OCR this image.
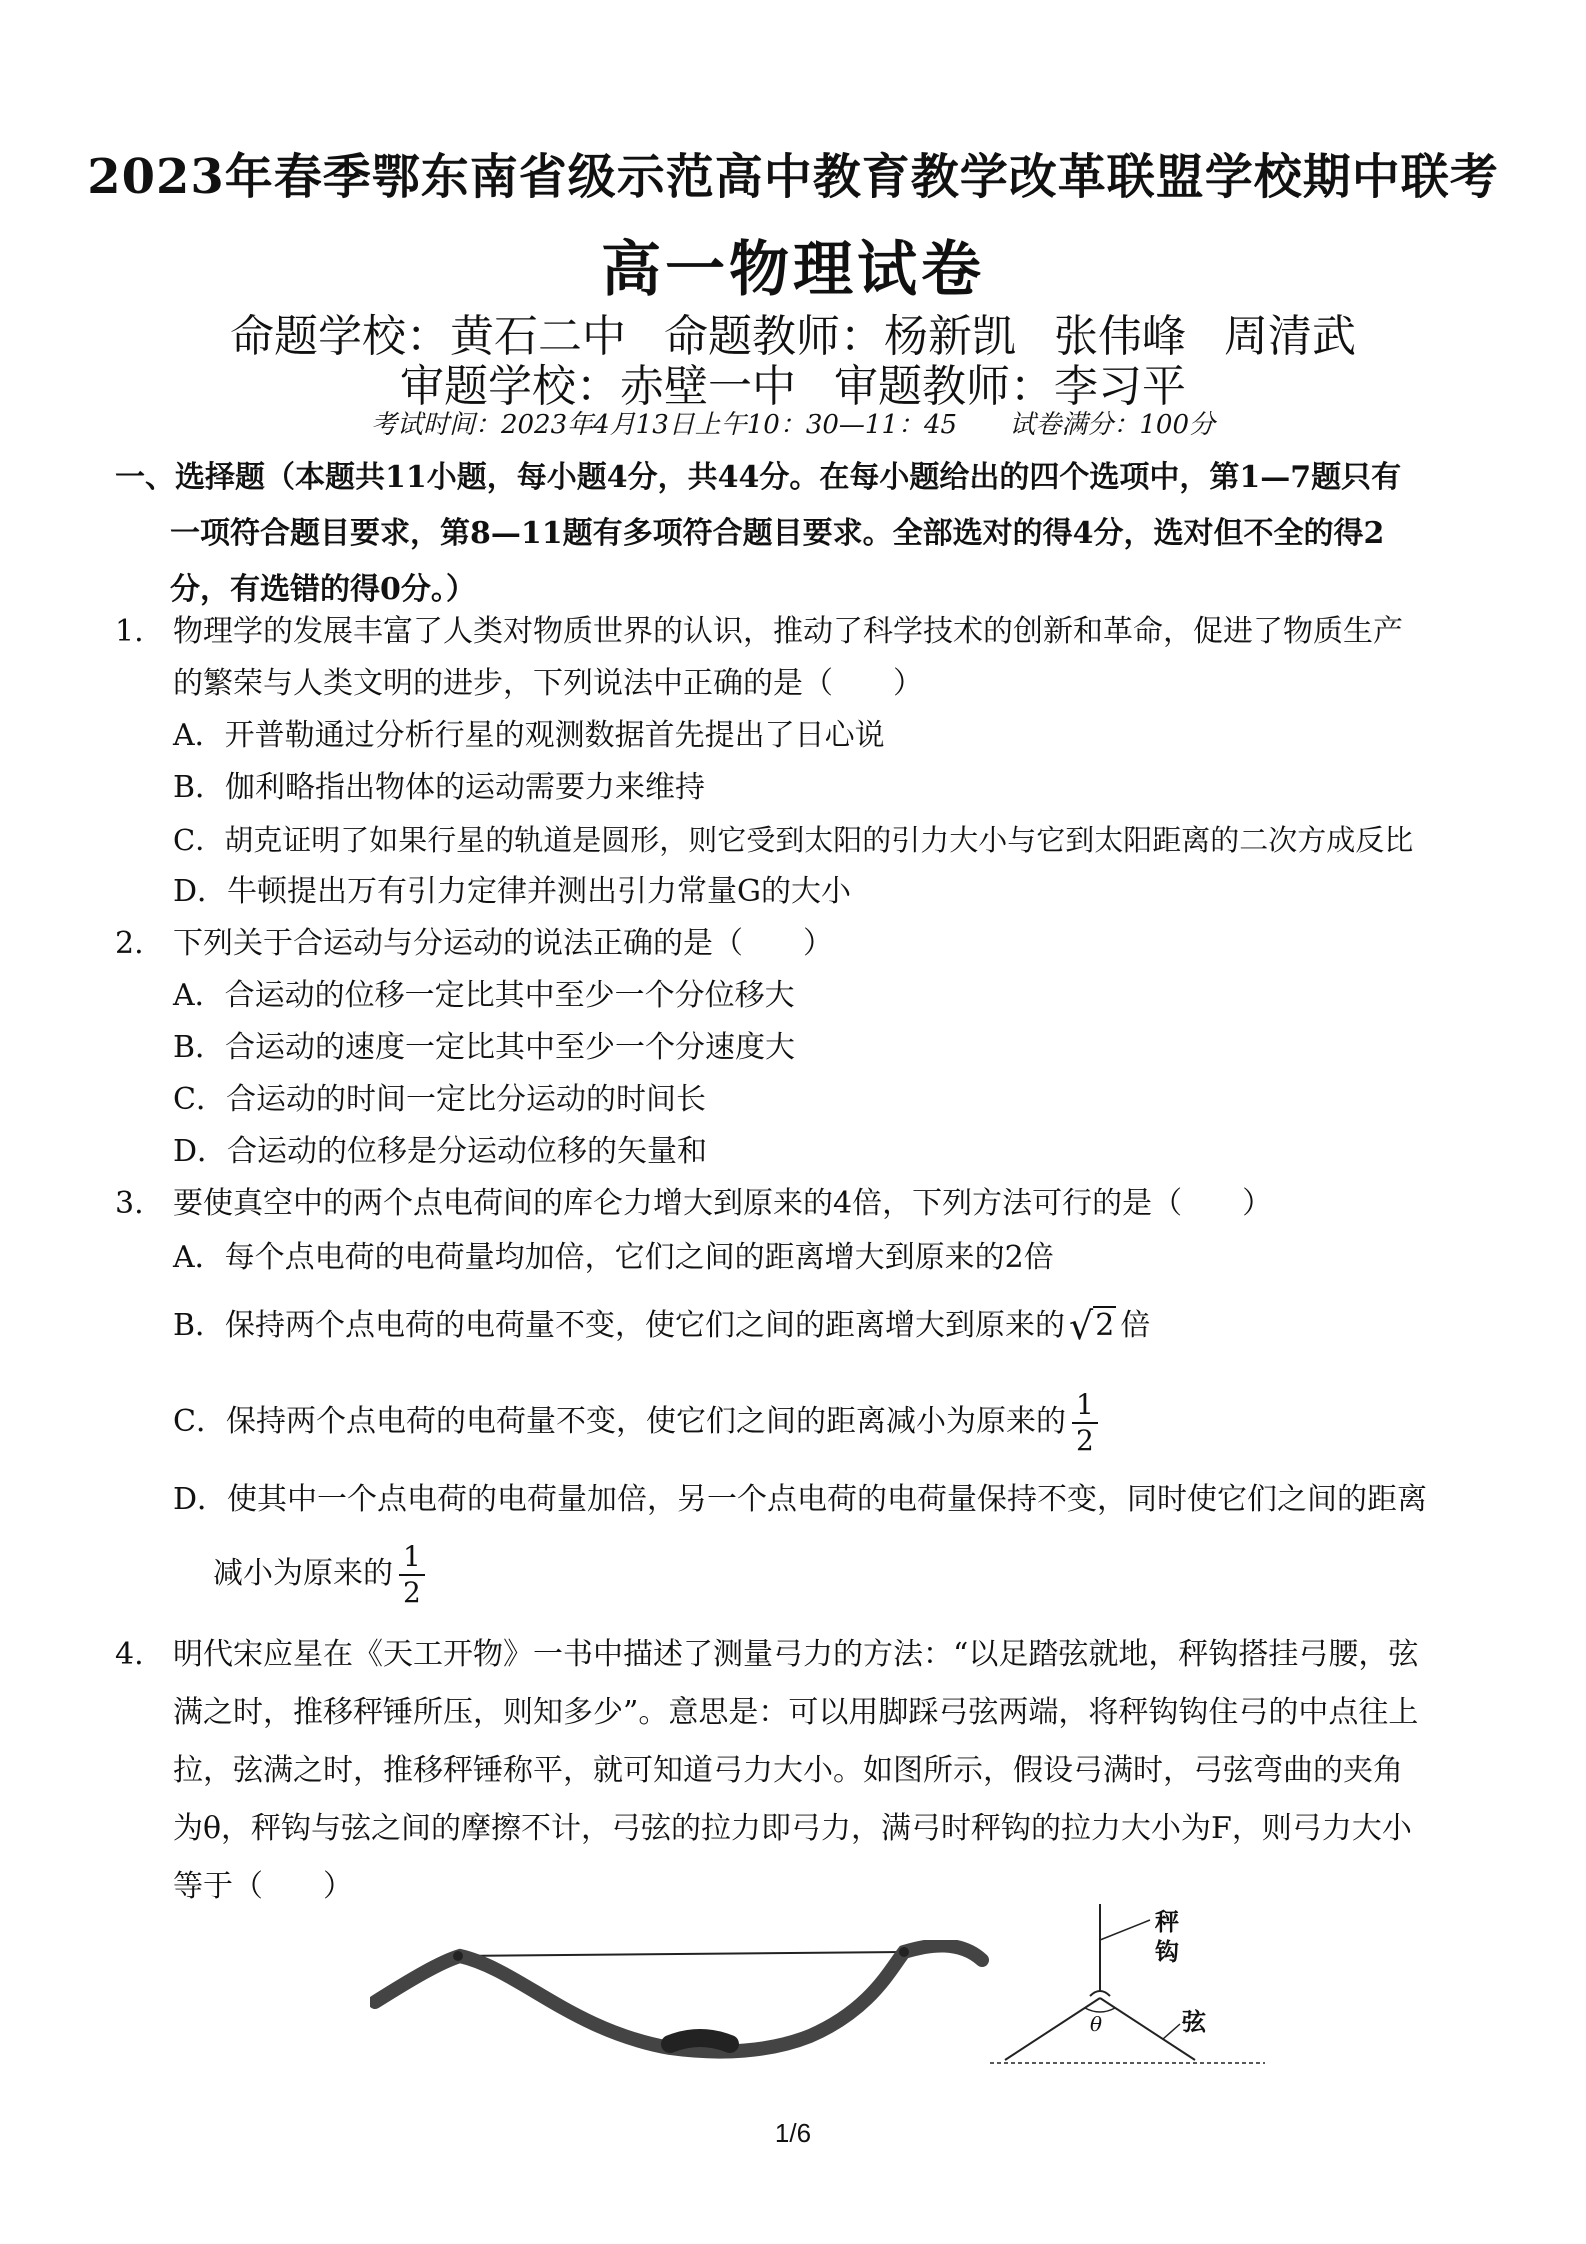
2023年春季鄂东南省级示范高中教育教学改革联盟学校期中联考
高一物理试卷
命题学校：黄石二中 命题教师：杨新凯 张伟峰 周清武
审题学校：赤壁一中 审题教师：李习平
考试时间：2023年4月13日上午10：30—11：45 试卷满分：100分
一、选择题（本题共11小题，每小题4分，共44分。在每小题给出的四个选项中，第1—7题只有
一项符合题目要求，第8—11题有多项符合题目要求。全部选对的得4分，选对但不全的得2
分，有选错的得0分。）
1. 物理学的发展丰富了人类对物质世界的认识，推动了科学技术的创新和革命，促进了物质生产
的繁荣与人类文明的进步，下列说法中正确的是（　　）
A．开普勒通过分析行星的观测数据首先提出了日心说
B．伽利略指出物体的运动需要力来维持
C．胡克证明了如果行星的轨道是圆形，则它受到太阳的引力大小与它到太阳距离的二次方成反比
D．牛顿提出万有引力定律并测出引力常量G的大小
2. 下列关于合运动与分运动的说法正确的是（　　）
A．合运动的位移一定比其中至少一个分位移大
B．合运动的速度一定比其中至少一个分速度大
C．合运动的时间一定比分运动的时间长
D．合运动的位移是分运动位移的矢量和
3. 要使真空中的两个点电荷间的库仑力增大到原来的4倍，下列方法可行的是（　　）
A．每个点电荷的电荷量均加倍，它们之间的距离增大到原来的2倍
B．保持两个点电荷的电荷量不变，使它们之间的距离增大到原来的 √2 倍
C．保持两个点电荷的电荷量不变，使它们之间的距离减小为原来的 $\frac{1}{2}$
D．使其中一个点电荷的电荷量加倍，另一个点电荷的电荷量保持不变，同时使它们之间的距离
减小为原来的 $\frac{1}{2}$
4. 明代宋应星在《天工开物》一书中描述了测量弓力的方法：“以足踏弦就地，秤钩搭挂弓腰，弦
满之时，推移秤锤所压，则知多少”。意思是：可以用脚踩弓弦两端，将秤钩钩住弓的中点往上
拉，弦满之时，推移秤锤称平，就可知道弓力大小。如图所示，假设弓满时，弓弦弯曲的夹角
为θ，秤钩与弦之间的摩擦不计，弓弦的拉力即弓力，满弓时秤钩的拉力大小为F，则弓力大小
等于（　　）
秤
钩
弦
θ
1/6
